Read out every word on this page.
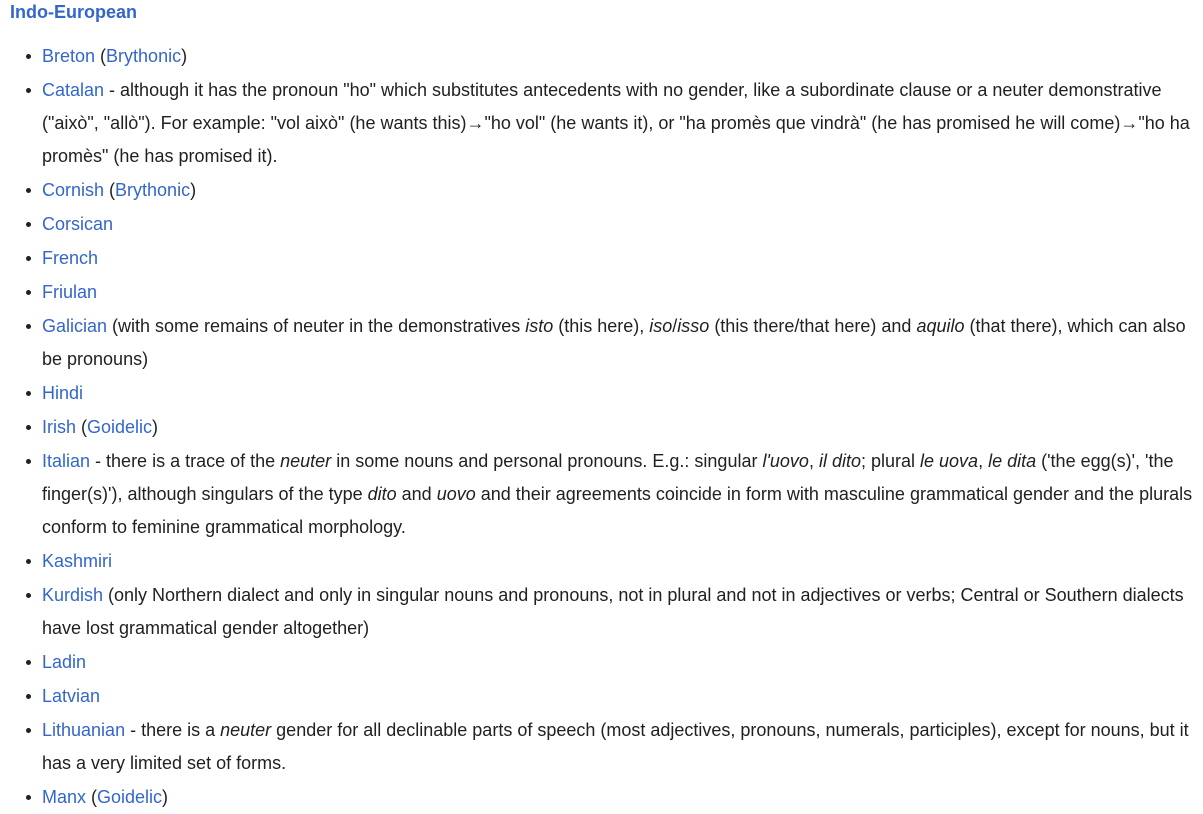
Indo-European
Breton (Brythonic)
Catalan - although it has the pronoun "ho" which substitutes antecedents with no gender, like a subordinate clause or a neuter demonstrative ("això", "allò"). For example: "vol això" (he wants this)→"ho vol" (he wants it), or "ha promès que vindrà" (he has promised he will come)→"ho ha promès" (he has promised it).
Cornish (Brythonic)
Corsican
French
Friulan
Galician (with some remains of neuter in the demonstratives isto (this here), iso/isso (this there/that here) and aquilo (that there), which can also be pronouns)
Hindi
Irish (Goidelic)
Italian - there is a trace of the neuter in some nouns and personal pronouns. E.g.: singular l'uovo, il dito; plural le uova, le dita ('the egg(s)', 'the finger(s)'), although singulars of the type dito and uovo and their agreements coincide in form with masculine grammatical gender and the plurals conform to feminine grammatical morphology.
Kashmiri
Kurdish (only Northern dialect and only in singular nouns and pronouns, not in plural and not in adjectives or verbs; Central or Southern dialects have lost grammatical gender altogether)
Ladin
Latvian
Lithuanian - there is a neuter gender for all declinable parts of speech (most adjectives, pronouns, numerals, participles), except for nouns, but it has a very limited set of forms.
Manx (Goidelic)
